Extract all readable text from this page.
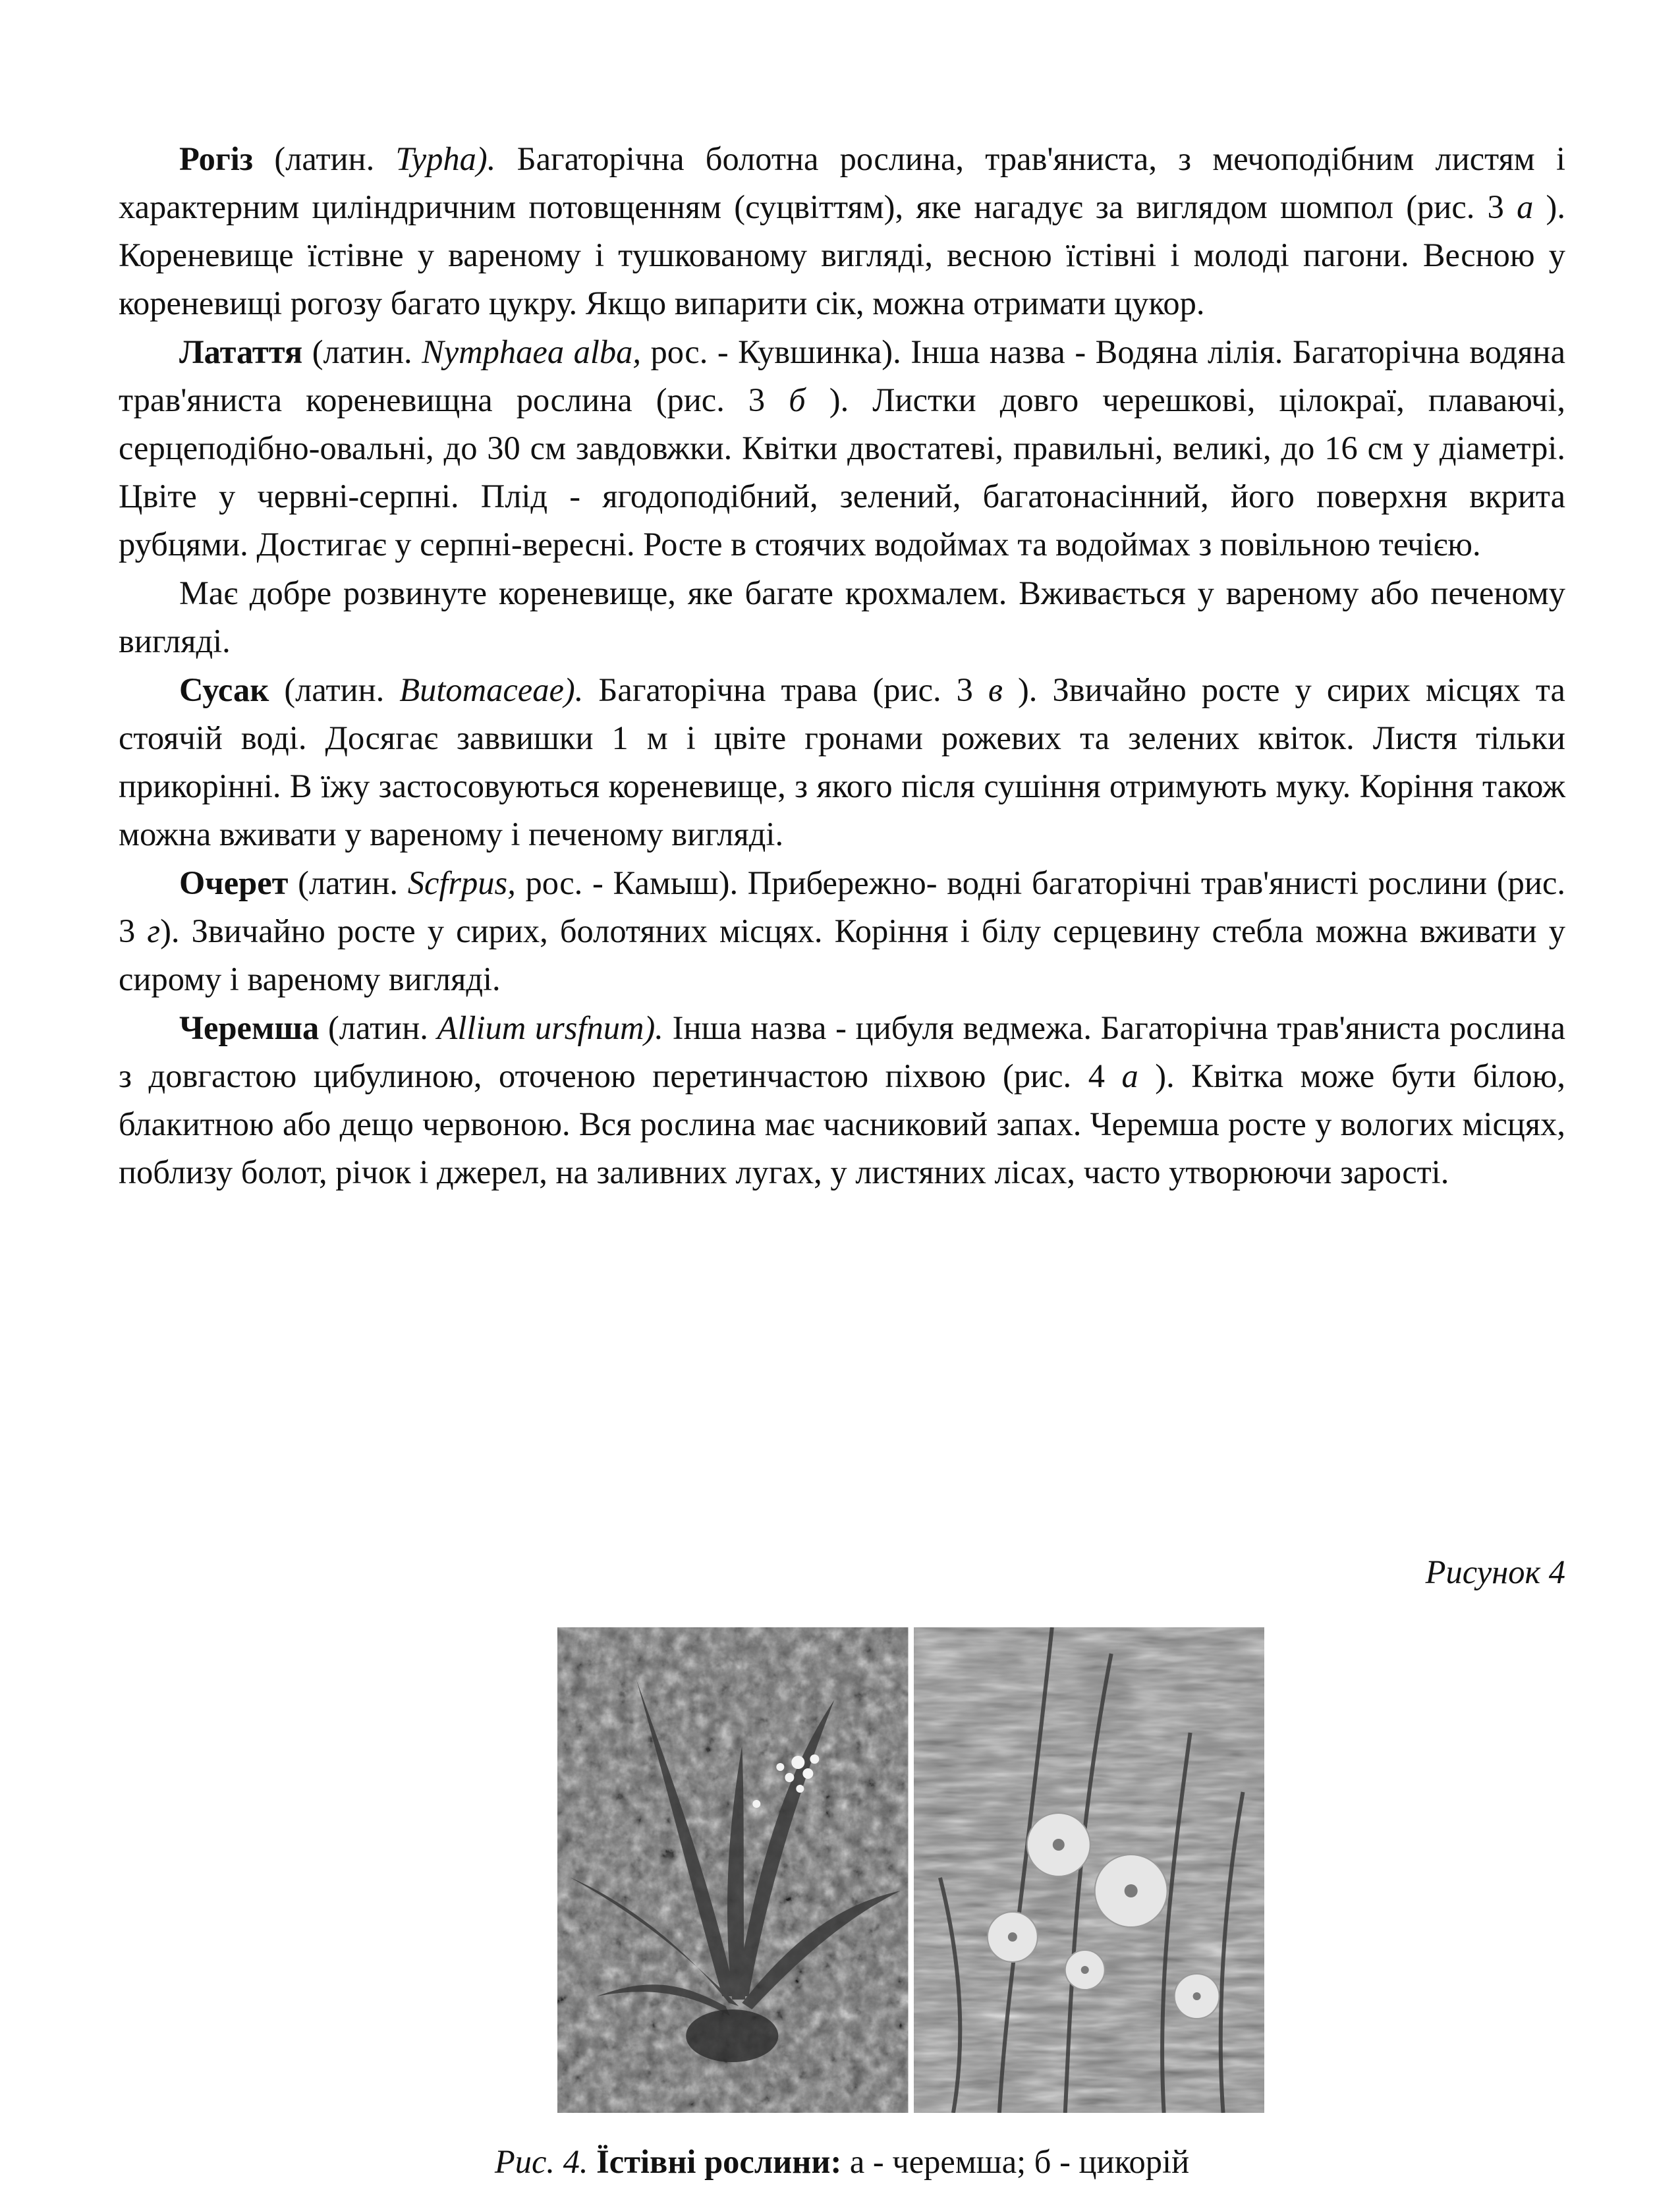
Рогіз (латин. Typha). Багаторічна болотна рослина, трав'яниста, з мечоподібним листям і характерним циліндричним потовщенням (суцвіттям), яке нагадує за виглядом шомпол (рис. 3 а ). Кореневище їстівне у вареному і тушкованому вигляді, весною їстівні і молоді пагони. Весною у кореневищі рогозу багато цукру. Якщо випарити сік, можна отримати цукор.

Латаття (латин. Nymphaea alba, рос. - Кувшинка). Інша назва - Водяна лілія. Багаторічна водяна трав'яниста кореневищна рослина (рис. 3 б ). Листки довго черешкові, цілокраї, плаваючі, серцеподібно-овальні, до 30 см завдовжки. Квітки двостатеві, правильні, великі, до 16 см у діаметрі. Цвіте у червні-серпні. Плід - ягодоподібний, зелений, багатонасінний, його поверхня вкрита рубцями. Достигає у серпні-вересні. Росте в стоячих водоймах та водоймах з повільною течією.

Має добре розвинуте кореневище, яке багате крохмалем. Вживається у вареному або печеному вигляді.

Сусак (латин. Butomaceae). Багаторічна трава (рис. 3 в ). Звичайно росте у сирих місцях та стоячій воді. Досягає заввишки 1 м і цвіте гронами рожевих та зелених квіток. Листя тільки прикорінні. В їжу застосовуються кореневище, з якого після сушіння отримують муку. Коріння також можна вживати у вареному і печеному вигляді.

Очерет (латин. Scfrpus, рос. - Камыш). Прибережно- водні багаторічні трав'янисті рослини (рис. 3 г). Звичайно росте у сирих, болотяних місцях. Коріння і білу серцевину стебла можна вживати у сирому і вареному вигляді.

Черемша (латин. Allium ursfnum). Інша назва - цибуля ведмежа. Багаторічна трав'яниста рослина з довгастою цибулиною, оточеною перетинчастою піхвою (рис. 4 а ). Квітка може бути білою, блакитною або дещо червоною. Вся рослина має часниковий запах. Черемша росте у вологих місцях, поблизу болот, річок і джерел, на заливних лугах, у листяних лісах, часто утворюючи зарості.

Рисунок 4

Рис. 4. Їстівні рослини: а - черемша; б - цикорій
